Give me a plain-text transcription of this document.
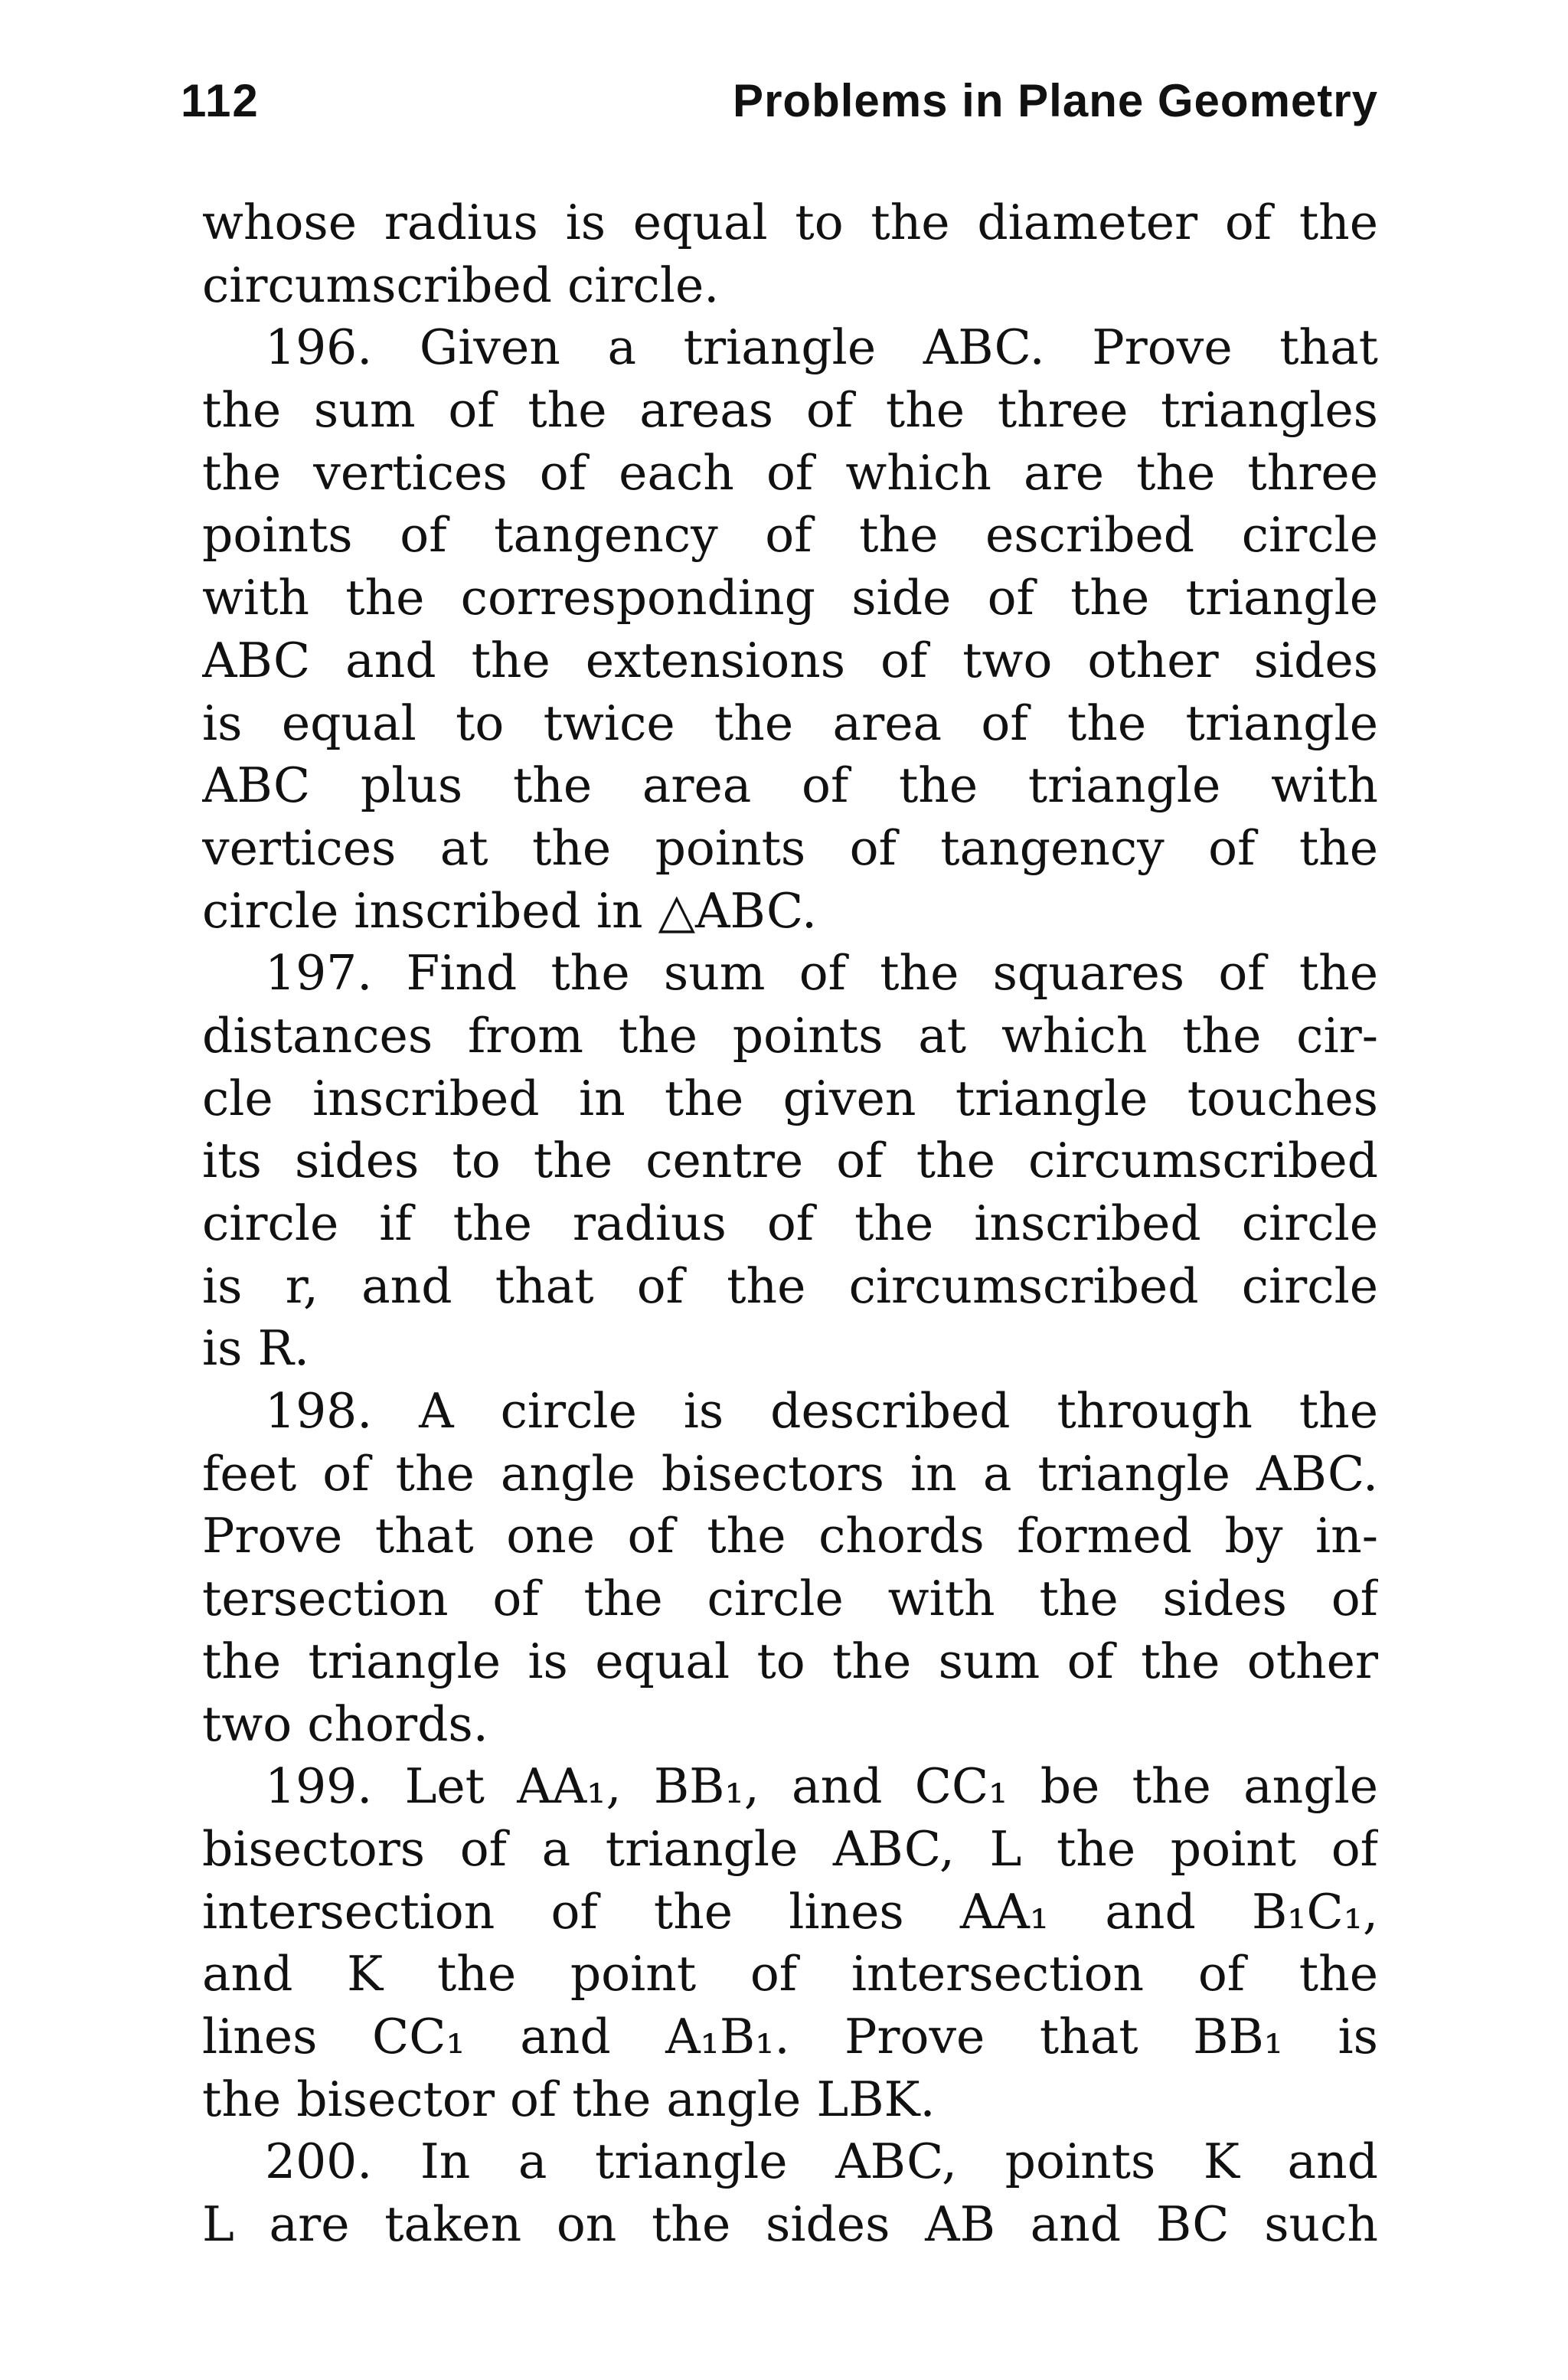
112	Problems in Plane Geometry
whose radius is equal to the diameter of the
circumscribed circle.
196. Given a triangle ABC. Prove that
the sum of the areas of the three triangles
the vertices of each of which are the three
points of tangency of the escribed circle
with the corresponding side of the triangle
ABC and the extensions of two other sides
is equal to twice the area of the triangle
ABC plus the area of the triangle with
vertices at the points of tangency of the
circle inscribed in △ABC.
197. Find the sum of the squares of the
distances from the points at which the cir-
cle inscribed in the given triangle touches
its sides to the centre of the circumscribed
circle if the radius of the inscribed circle
is r, and that of the circumscribed circle
is R.
198. A circle is described through the
feet of the angle bisectors in a triangle ABC.
Prove that one of the chords formed by in-
tersection of the circle with the sides of
the triangle is equal to the sum of the other
two chords.
199. Let AA₁, BB₁, and CC₁ be the angle
bisectors of a triangle ABC, L the point of
intersection of the lines AA₁ and B₁C₁,
and K the point of intersection of the
lines CC₁ and A₁B₁. Prove that BB₁ is
the bisector of the angle LBK.
200. In a triangle ABC, points K and
L are taken on the sides AB and BC such
